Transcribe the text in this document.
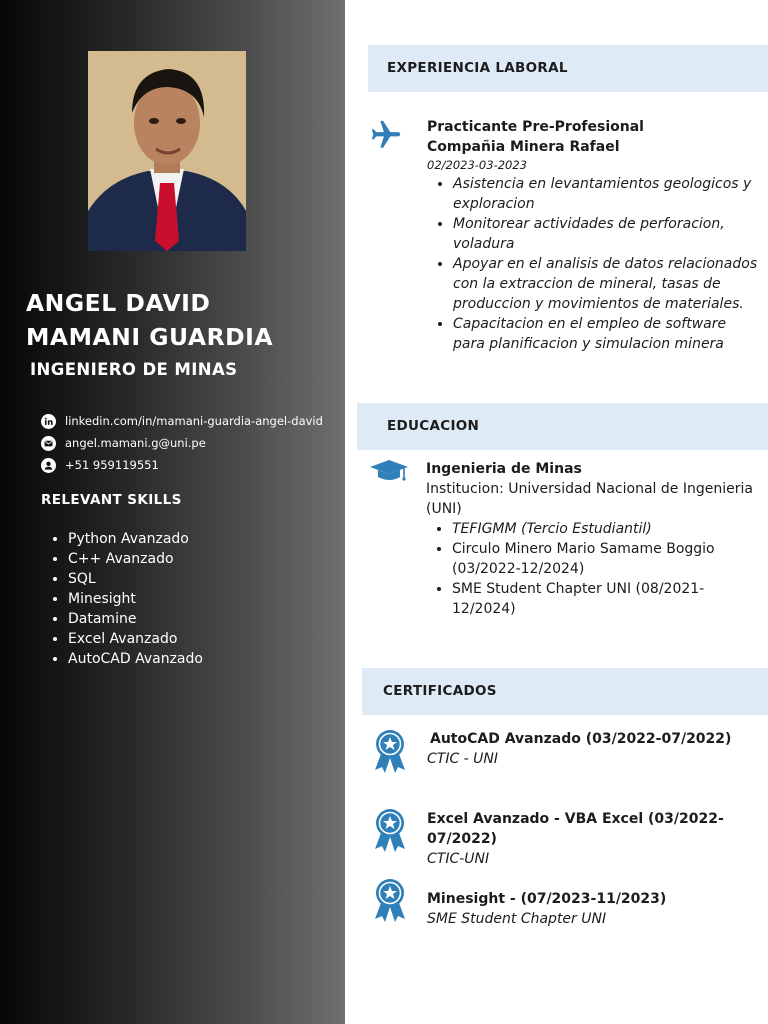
ANGEL DAVID
MAMANI GUARDIA
INGENIERO DE MINAS
linkedin.com/in/mamani-guardia-angel-david
angel.mamani.g@uni.pe
+51 959119551
RELEVANT SKILLS
• Python Avanzado
• C++ Avanzado
• SQL
• Minesight
• Datamine
• Excel Avanzado
• AutoCAD Avanzado
EXPERIENCIA LABORAL
Practicante Pre-Profesional
Compañia Minera Rafael
02/2023-03-2023
• Asistencia en levantamientos geologicos y exploracion
• Monitorear actividades de perforacion, voladura
• Apoyar en el analisis de datos relacionados con la extraccion de mineral, tasas de produccion y movimientos de materiales.
• Capacitacion en el empleo de software para planificacion y simulacion minera
EDUCACION
Ingenieria de Minas
Institucion: Universidad Nacional de Ingenieria (UNI)
• TEFIGMM (Tercio Estudiantil)
• Circulo Minero Mario Samame Boggio (03/2022-12/2024)
• SME Student Chapter UNI (08/2021-12/2024)
CERTIFICADOS
AutoCAD Avanzado (03/2022-07/2022)
CTIC - UNI
Excel Avanzado - VBA Excel (03/2022-07/2022)
CTIC-UNI
Minesight - (07/2023-11/2023)
SME Student Chapter UNI
